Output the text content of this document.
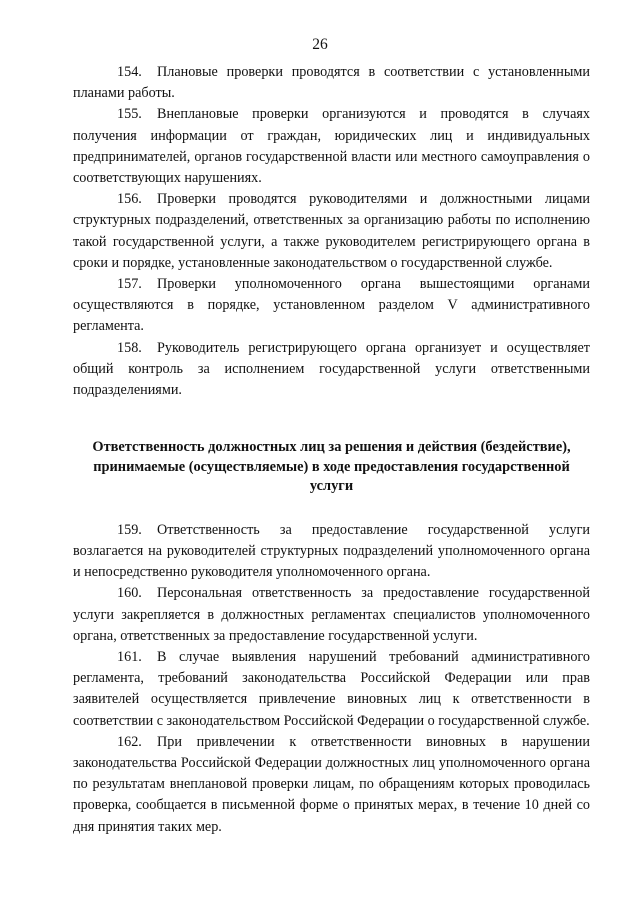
26

154. Плановые проверки проводятся в соответствии с установленными планами работы.

155. Внеплановые проверки организуются и проводятся в случаях получения информации от граждан, юридических лиц и индивидуальных предпринимателей, органов государственной власти или местного самоуправления о соответствующих нарушениях.

156. Проверки проводятся руководителями и должностными лицами структурных подразделений, ответственных за организацию работы по исполнению такой государственной услуги, а также руководителем регистрирующего органа в сроки и порядке, установленные законодательством о государственной службе.

157. Проверки уполномоченного органа вышестоящими органами осуществляются в порядке, установленном разделом V административного регламента.

158. Руководитель регистрирующего органа организует и осуществляет общий контроль за исполнением государственной услуги ответственными подразделениями.

Ответственность должностных лиц за решения и действия (бездействие), принимаемые (осуществляемые) в ходе предоставления государственной услуги

159. Ответственность за предоставление государственной услуги возлагается на руководителей структурных подразделений уполномоченного органа и непосредственно руководителя уполномоченного органа.

160. Персональная ответственность за предоставление государственной услуги закрепляется в должностных регламентах специалистов уполномоченного органа, ответственных за предоставление государственной услуги.

161. В случае выявления нарушений требований административного регламента, требований законодательства Российской Федерации или прав заявителей осуществляется привлечение виновных лиц к ответственности в соответствии с законодательством Российской Федерации о государственной службе.

162. При привлечении к ответственности виновных в нарушении законодательства Российской Федерации должностных лиц уполномоченного органа по результатам внеплановой проверки лицам, по обращениям которых проводилась проверка, сообщается в письменной форме о принятых мерах, в течение 10 дней со дня принятия таких мер.
